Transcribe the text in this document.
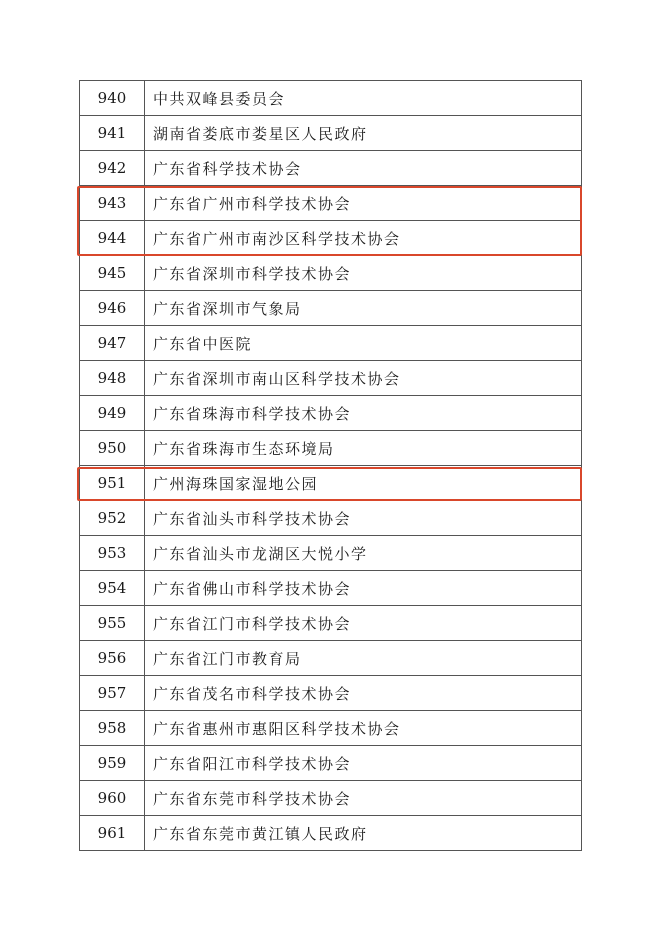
940	中共双峰县委员会
941	湖南省娄底市娄星区人民政府
942	广东省科学技术协会
943	广东省广州市科学技术协会
944	广东省广州市南沙区科学技术协会
945	广东省深圳市科学技术协会
946	广东省深圳市气象局
947	广东省中医院
948	广东省深圳市南山区科学技术协会
949	广东省珠海市科学技术协会
950	广东省珠海市生态环境局
951	广州海珠国家湿地公园
952	广东省汕头市科学技术协会
953	广东省汕头市龙湖区大悦小学
954	广东省佛山市科学技术协会
955	广东省江门市科学技术协会
956	广东省江门市教育局
957	广东省茂名市科学技术协会
958	广东省惠州市惠阳区科学技术协会
959	广东省阳江市科学技术协会
960	广东省东莞市科学技术协会
961	广东省东莞市黄江镇人民政府
